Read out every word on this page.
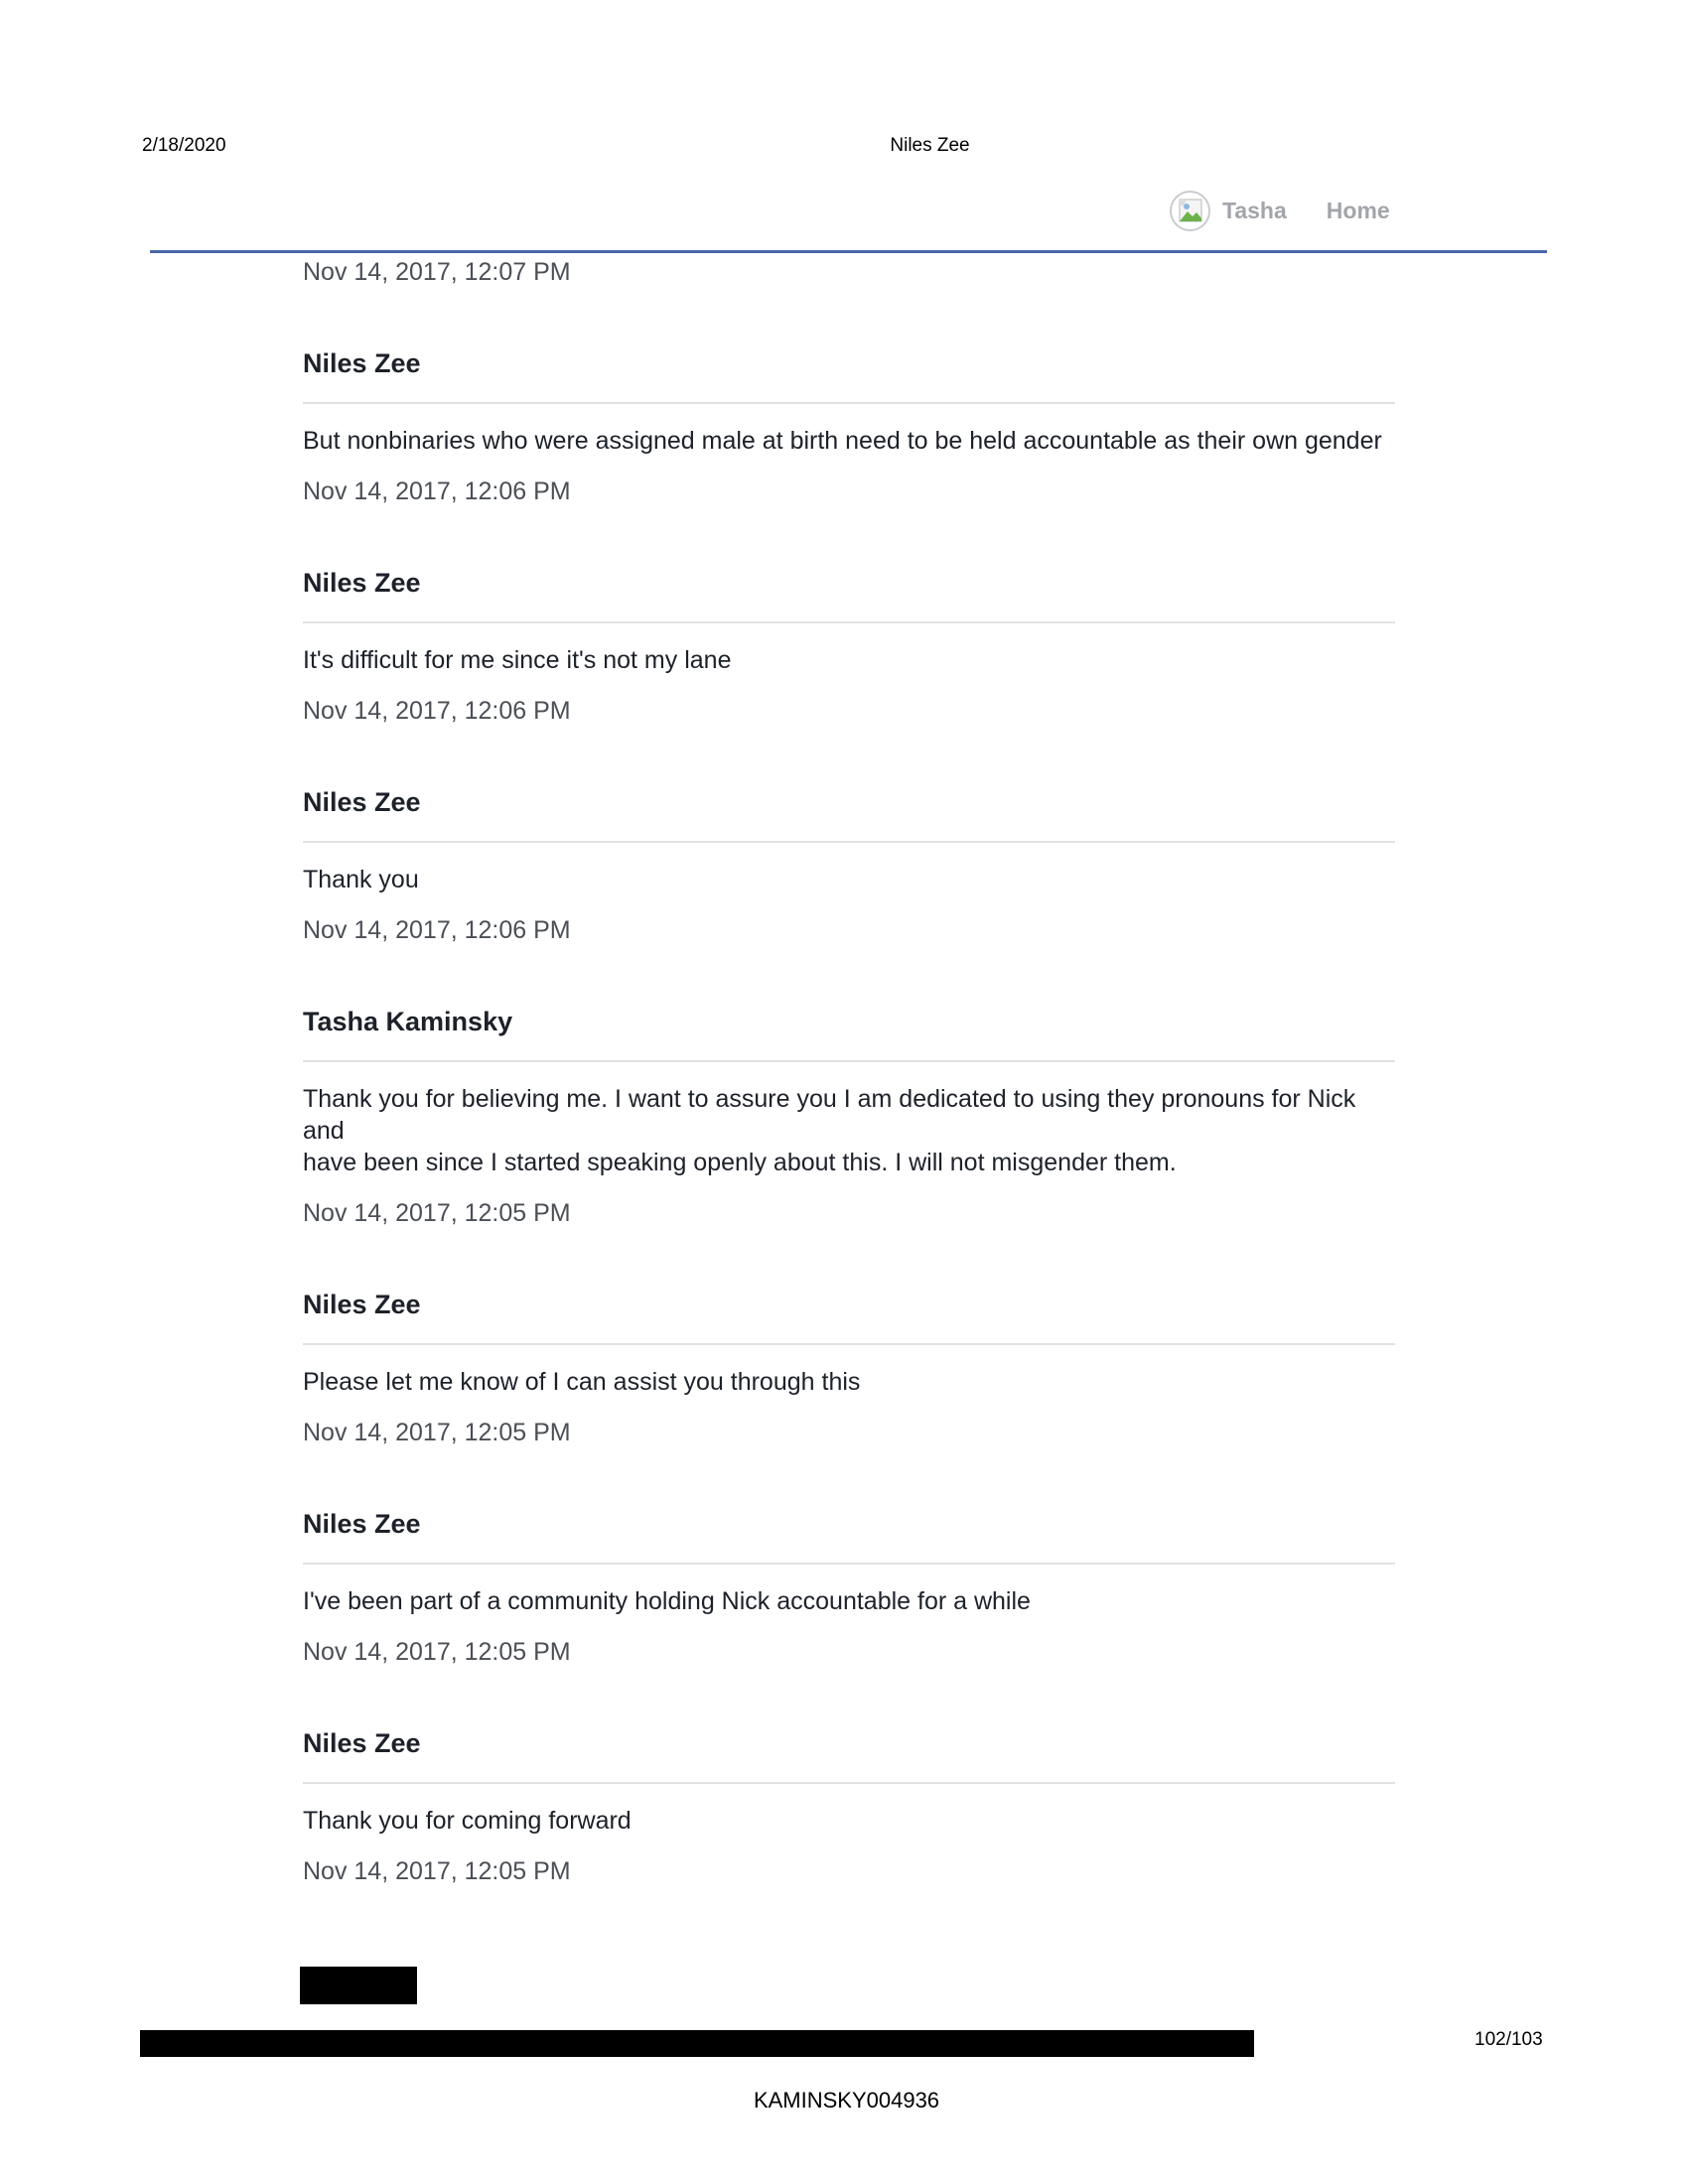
2/18/2020	Niles Zee
Tasha Home
Nov 14, 2017, 12:07 PM
Niles Zee
But nonbinaries who were assigned male at birth need to be held accountable as their own gender
Nov 14, 2017, 12:06 PM
Niles Zee
It's difficult for me since it's not my lane
Nov 14, 2017, 12:06 PM
Niles Zee
Thank you
Nov 14, 2017, 12:06 PM
Tasha Kaminsky
Thank you for believing me. I want to assure you I am dedicated to using they pronouns for Nick and
have been since I started speaking openly about this. I will not misgender them.
Nov 14, 2017, 12:05 PM
Niles Zee
Please let me know of I can assist you through this
Nov 14, 2017, 12:05 PM
Niles Zee
I've been part of a community holding Nick accountable for a while
Nov 14, 2017, 12:05 PM
Niles Zee
Thank you for coming forward
Nov 14, 2017, 12:05 PM
102/103
KAMINSKY004936
